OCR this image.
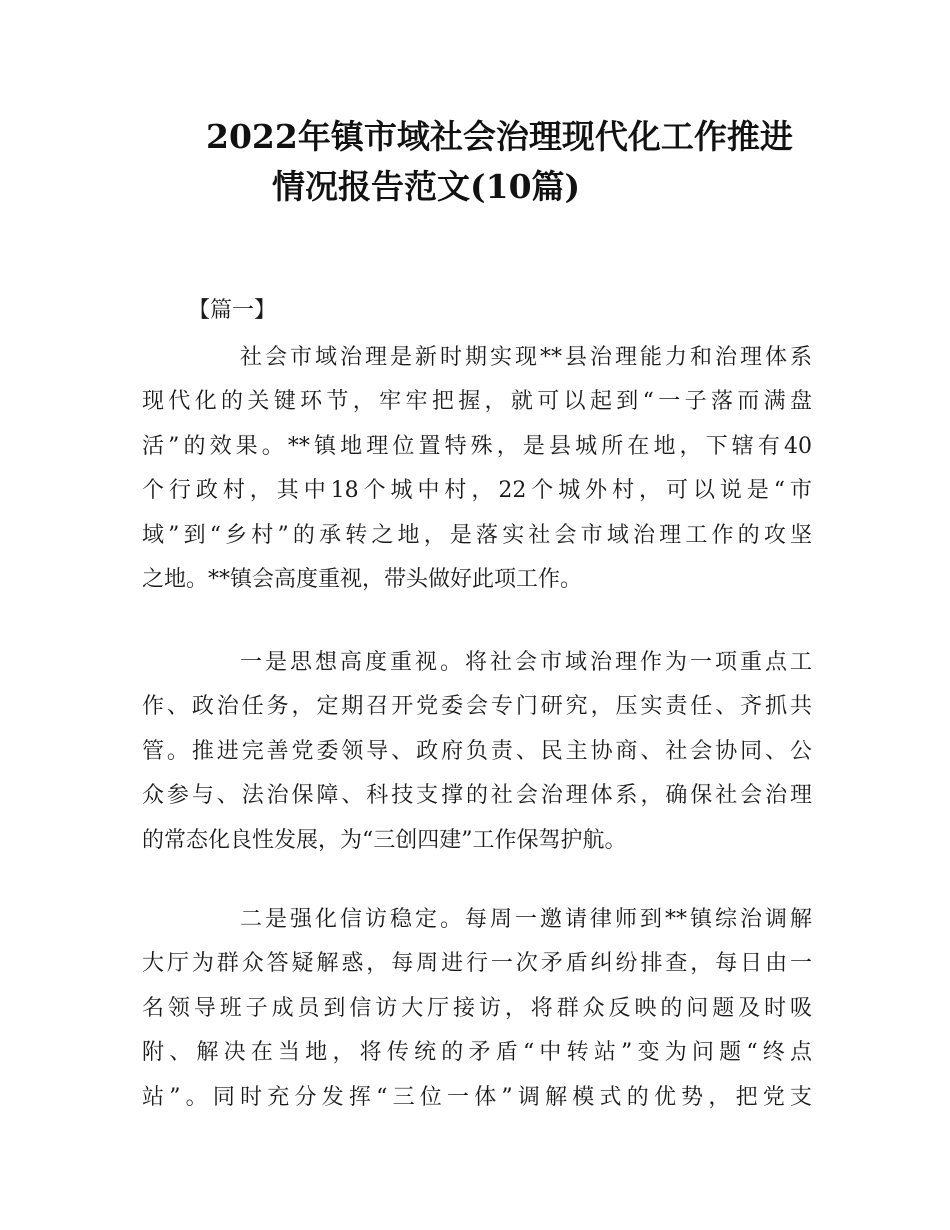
2022年镇市域社会治理现代化工作推进
情况报告范文(10篇)
【篇一】
社会市域治理是新时期实现**县治理能力和治理体系
现代化的关键环节，牢牢把握，就可以起到“一子落而满盘
活”的效果。**镇地理位置特殊，是县城所在地，下辖有40
个行政村，其中18个城中村，22个城外村，可以说是“市
域”到“乡村”的承转之地，是落实社会市域治理工作的攻坚
之地。**镇会高度重视，带头做好此项工作。
一是思想高度重视。将社会市域治理作为一项重点工
作、政治任务，定期召开党委会专门研究，压实责任、齐抓共
管。推进完善党委领导、政府负责、民主协商、社会协同、公
众参与、法治保障、科技支撑的社会治理体系，确保社会治理
的常态化良性发展，为“三创四建”工作保驾护航。
二是强化信访稳定。每周一邀请律师到**镇综治调解
大厅为群众答疑解惑，每周进行一次矛盾纠纷排查，每日由一
名领导班子成员到信访大厅接访，将群众反映的问题及时吸
附、解决在当地，将传统的矛盾“中转站”变为问题“终点
站”。同时充分发挥“三位一体”调解模式的优势，把党支
